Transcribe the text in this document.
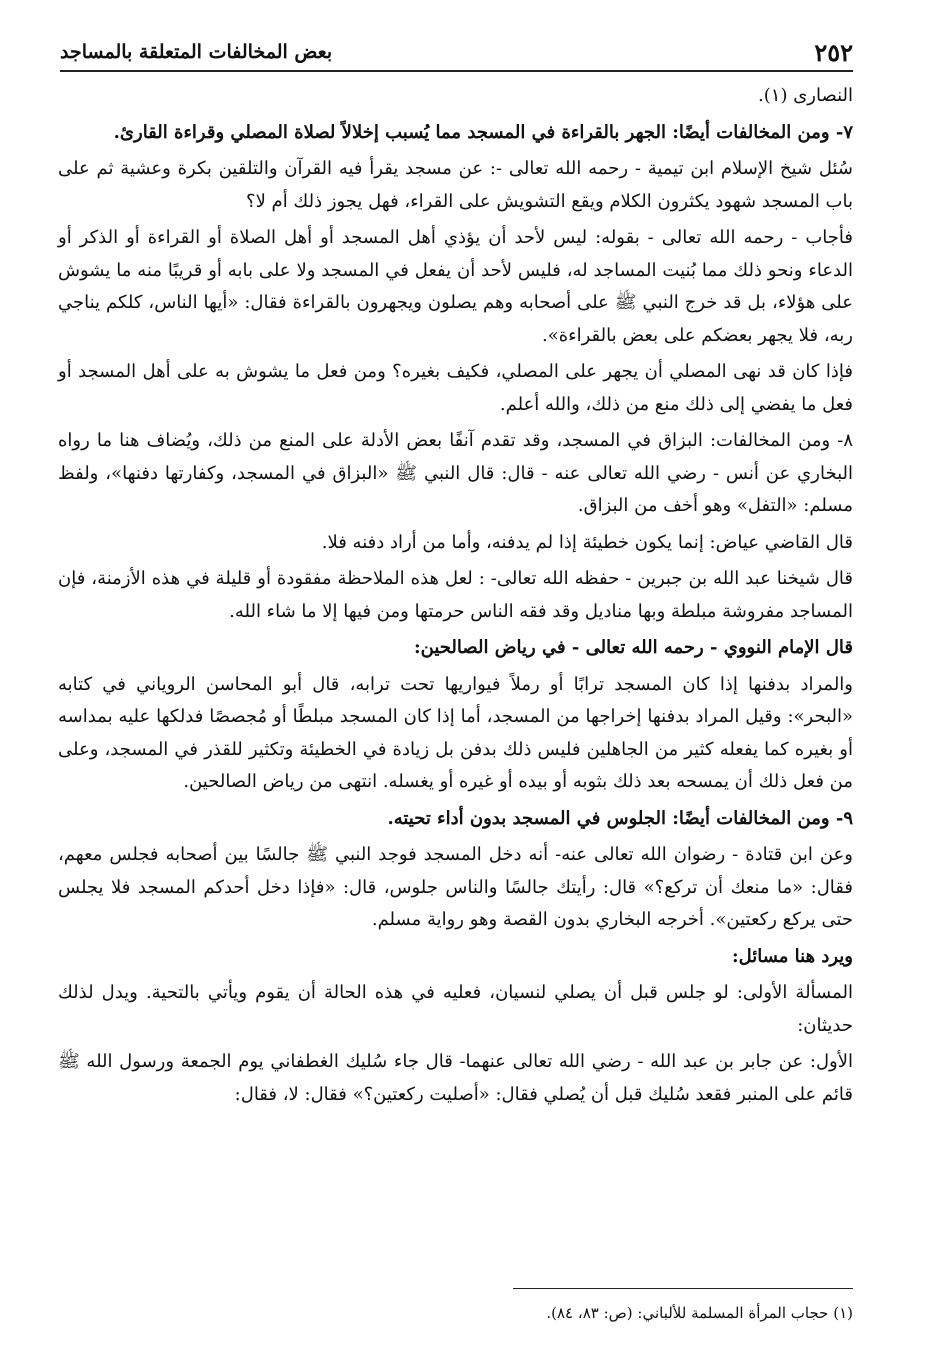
٢٥٢
بعض المخالفات المتعلقة بالمساجد

النصارى (١).

٧- ومن المخالفات أيضًا: الجهر بالقراءة في المسجد مما يُسبب إخلالاً لصلاة المصلي وقراءة القارئ.

سُئل شيخ الإسلام ابن تيمية - رحمه الله تعالى -: عن مسجد يقرأ فيه القرآن والتلقين بكرة وعشية ثم على باب المسجد شهود يكثرون الكلام ويقع التشويش على القراء، فهل يجوز ذلك أم لا؟

فأجاب - رحمه الله تعالى - بقوله: ليس لأحد أن يؤذي أهل المسجد أو أهل الصلاة أو القراءة أو الذكر أو الدعاء ونحو ذلك مما بُنيت المساجد له، فليس لأحد أن يفعل في المسجد ولا على بابه أو قريبًا منه ما يشوش على هؤلاء، بل قد خرج النبي ﷺ على أصحابه وهم يصلون ويجهرون بالقراءة فقال: «أيها الناس، كلكم يناجي ربه، فلا يجهر بعضكم على بعض بالقراءة».

فإذا كان قد نهى المصلي أن يجهر على المصلي، فكيف بغيره؟ ومن فعل ما يشوش به على أهل المسجد أو فعل ما يفضي إلى ذلك منع من ذلك، والله أعلم.

٨- ومن المخالفات: البزاق في المسجد، وقد تقدم آنفًا بعض الأدلة على المنع من ذلك، ويُضاف هنا ما رواه البخاري عن أنس - رضي الله تعالى عنه - قال: قال النبي ﷺ «البزاق في المسجد، وكفارتها دفنها»، ولفظ مسلم: «التفل» وهو أخف من البزاق.

قال القاضي عياض: إنما يكون خطيئة إذا لم يدفنه، وأما من أراد دفنه فلا.

قال شيخنا عبد الله بن جبرين - حفظه الله تعالى- : لعل هذه الملاحظة مفقودة أو قليلة في هذه الأزمنة، فإن المساجد مفروشة مبلطة وبها مناديل وقد فقه الناس حرمتها ومن فيها إلا ما شاء الله.

قال الإمام النووي - رحمه الله تعالى - في رياض الصالحين:

والمراد بدفنها إذا كان المسجد ترابًا أو رملاً فيواريها تحت ترابه، قال أبو المحاسن الروياني في كتابه «البحر»: وقيل المراد بدفنها إخراجها من المسجد، أما إذا كان المسجد مبلطًا أو مُجصصًا فدلكها عليه بمداسه أو بغيره كما يفعله كثير من الجاهلين فليس ذلك بدفن بل زيادة في الخطيئة وتكثير للقذر في المسجد، وعلى من فعل ذلك أن يمسحه بعد ذلك بثوبه أو بيده أو غيره أو يغسله. انتهى من رياض الصالحين.

٩- ومن المخالفات أيضًا: الجلوس في المسجد بدون أداء تحيته.

وعن ابن قتادة - رضوان الله تعالى عنه- أنه دخل المسجد فوجد النبي ﷺ جالسًا بين أصحابه فجلس معهم، فقال: «ما منعك أن تركع؟» قال: رأيتك جالسًا والناس جلوس، قال: «فإذا دخل أحدكم المسجد فلا يجلس حتى يركع ركعتين». أخرجه البخاري بدون القصة وهو رواية مسلم.

ويرد هنا مسائل:

المسألة الأولى: لو جلس قبل أن يصلي لنسيان، فعليه في هذه الحالة أن يقوم ويأتي بالتحية. ويدل لذلك حديثان:

الأول: عن جابر بن عبد الله - رضي الله تعالى عنهما- قال جاء سُليك الغطفاني يوم الجمعة ورسول الله ﷺ قائم على المنبر فقعد سُليك قبل أن يُصلي فقال: «أصليت ركعتين؟» فقال: لا، فقال:

(١) حجاب المرأة المسلمة للألباني: (ص: ٨٣، ٨٤).
